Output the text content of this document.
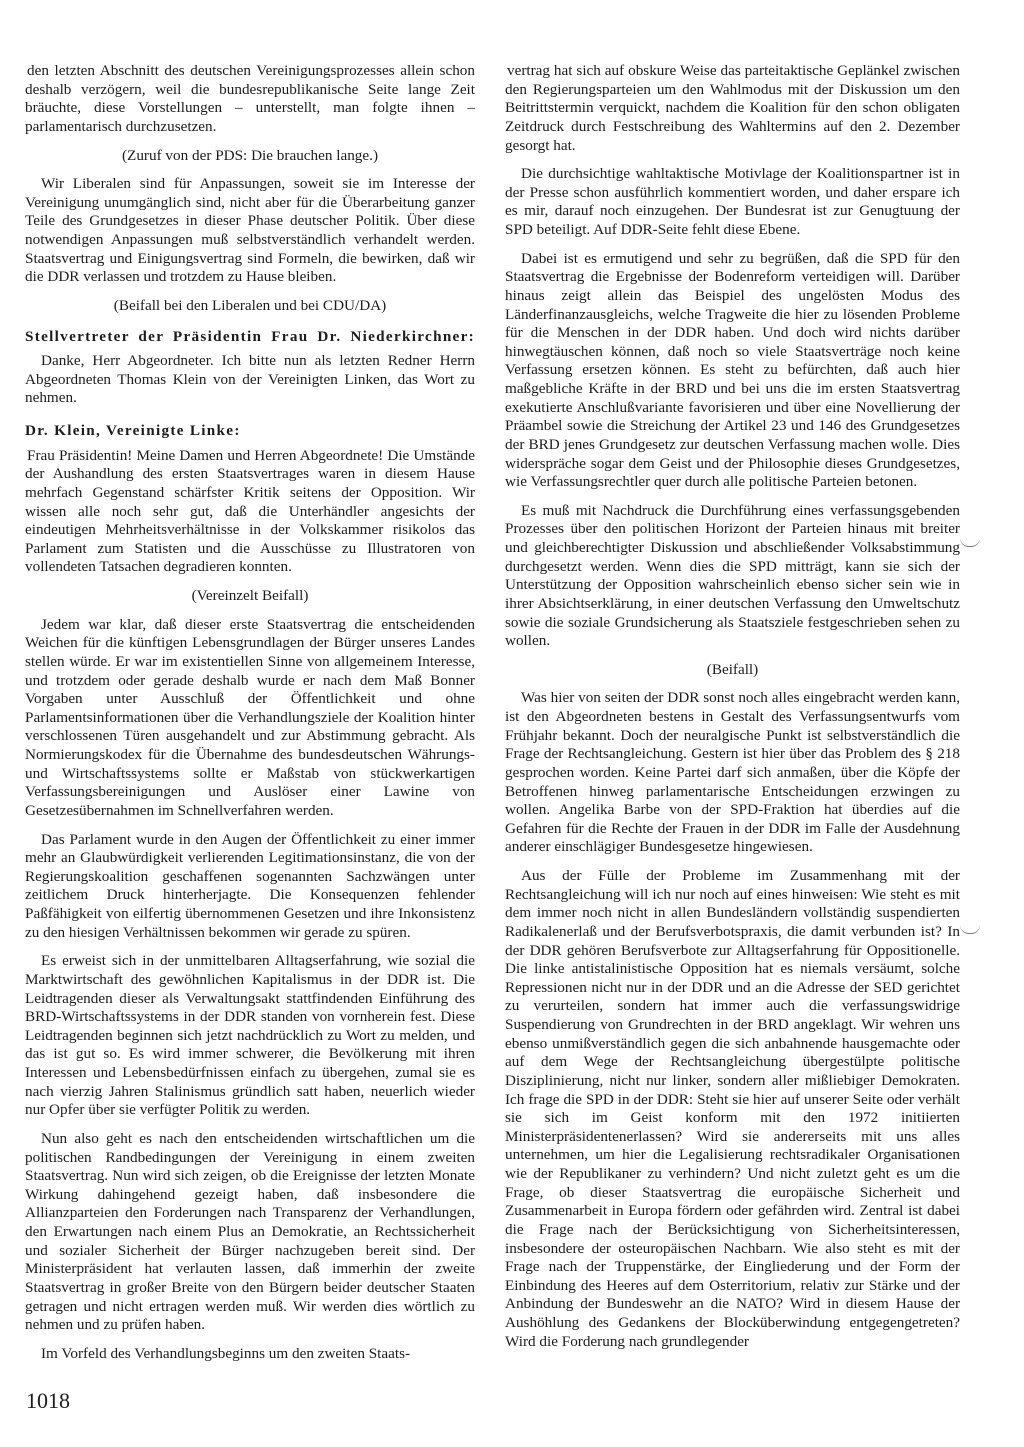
den letzten Abschnitt des deutschen Vereinigungsprozesses allein schon deshalb verzögern, weil die bundesrepublikanische Seite lange Zeit bräuchte, diese Vorstellungen – unterstellt, man folgte ihnen – parlamentarisch durchzusetzen.

(Zuruf von der PDS: Die brauchen lange.)

Wir Liberalen sind für Anpassungen, soweit sie im Interesse der Vereinigung unumgänglich sind, nicht aber für die Überarbeitung ganzer Teile des Grundgesetzes in dieser Phase deutscher Politik. Über diese notwendigen Anpassungen muß selbstverständlich verhandelt werden. Staatsvertrag und Einigungsvertrag sind Formeln, die bewirken, daß wir die DDR verlassen und trotzdem zu Hause bleiben.

(Beifall bei den Liberalen und bei CDU/DA)

Stellvertreter der Präsidentin Frau Dr. Niederkirchner:

Danke, Herr Abgeordneter. Ich bitte nun als letzten Redner Herrn Abgeordneten Thomas Klein von der Vereinigten Linken, das Wort zu nehmen.

Dr. Klein, Vereinigte Linke:

Frau Präsidentin! Meine Damen und Herren Abgeordnete! Die Umstände der Aushandlung des ersten Staatsvertrages waren in diesem Hause mehrfach Gegenstand schärfster Kritik seitens der Opposition. Wir wissen alle noch sehr gut, daß die Unterhändler angesichts der eindeutigen Mehrheitsverhältnisse in der Volkskammer risikolos das Parlament zum Statisten und die Ausschüsse zu Illustratoren von vollendeten Tatsachen degradieren konnten.

(Vereinzelt Beifall)

Jedem war klar, daß dieser erste Staatsvertrag die entscheidenden Weichen für die künftigen Lebensgrundlagen der Bürger unseres Landes stellen würde. Er war im existentiellen Sinne von allgemeinem Interesse, und trotzdem oder gerade deshalb wurde er nach dem Maß Bonner Vorgaben unter Ausschluß der Öffentlichkeit und ohne Parlamentsinformationen über die Verhandlungsziele der Koalition hinter verschlossenen Türen ausgehandelt und zur Abstimmung gebracht. Als Normierungskodex für die Übernahme des bundesdeutschen Währungs- und Wirtschaftssystems sollte er Maßstab von stückwerkartigen Verfassungsbereinigungen und Auslöser einer Lawine von Gesetzesübernahmen im Schnellverfahren werden.

Das Parlament wurde in den Augen der Öffentlichkeit zu einer immer mehr an Glaubwürdigkeit verlierenden Legitimationsinstanz, die von der Regierungskoalition geschaffenen sogenannten Sachzwängen unter zeitlichem Druck hinterherjagte. Die Konsequenzen fehlender Paßfähigkeit von eilfertig übernommenen Gesetzen und ihre Inkonsistenz zu den hiesigen Verhältnissen bekommen wir gerade zu spüren.

Es erweist sich in der unmittelbaren Alltagserfahrung, wie sozial die Marktwirtschaft des gewöhnlichen Kapitalismus in der DDR ist. Die Leidtragenden dieser als Verwaltungsakt stattfindenden Einführung des BRD-Wirtschaftssystems in der DDR standen von vornherein fest. Diese Leidtragenden beginnen sich jetzt nachdrücklich zu Wort zu melden, und das ist gut so. Es wird immer schwerer, die Bevölkerung mit ihren Interessen und Lebensbedürfnissen einfach zu übergehen, zumal sie es nach vierzig Jahren Stalinismus gründlich satt haben, neuerlich wieder nur Opfer über sie verfügter Politik zu werden.

Nun also geht es nach den entscheidenden wirtschaftlichen um die politischen Randbedingungen der Vereinigung in einem zweiten Staatsvertrag. Nun wird sich zeigen, ob die Ereignisse der letzten Monate Wirkung dahingehend gezeigt haben, daß insbesondere die Allianzparteien den Forderungen nach Transparenz der Verhandlungen, den Erwartungen nach einem Plus an Demokratie, an Rechtssicherheit und sozialer Sicherheit der Bürger nachzugeben bereit sind. Der Ministerpräsident hat verlauten lassen, daß immerhin der zweite Staatsvertrag in großer Breite von den Bürgern beider deutscher Staaten getragen und nicht ertragen werden muß. Wir werden dies wörtlich zu nehmen und zu prüfen haben.

Im Vorfeld des Verhandlungsbeginns um den zweiten Staats-

vertrag hat sich auf obskure Weise das parteitaktische Geplänkel zwischen den Regierungsparteien um den Wahlmodus mit der Diskussion um den Beitrittstermin verquickt, nachdem die Koalition für den schon obligaten Zeitdruck durch Festschreibung des Wahltermins auf den 2. Dezember gesorgt hat.

Die durchsichtige wahltaktische Motivlage der Koalitionspartner ist in der Presse schon ausführlich kommentiert worden, und daher erspare ich es mir, darauf noch einzugehen. Der Bundesrat ist zur Genugtuung der SPD beteiligt. Auf DDR-Seite fehlt diese Ebene.

Dabei ist es ermutigend und sehr zu begrüßen, daß die SPD für den Staatsvertrag die Ergebnisse der Bodenreform verteidigen will. Darüber hinaus zeigt allein das Beispiel des ungelösten Modus des Länderfinanzausgleichs, welche Tragweite die hier zu lösenden Probleme für die Menschen in der DDR haben. Und doch wird nichts darüber hinwegtäuschen können, daß noch so viele Staatsverträge noch keine Verfassung ersetzen können. Es steht zu befürchten, daß auch hier maßgebliche Kräfte in der BRD und bei uns die im ersten Staatsvertrag exekutierte Anschlußvariante favorisieren und über eine Novellierung der Präambel sowie die Streichung der Artikel 23 und 146 des Grundgesetzes der BRD jenes Grundgesetz zur deutschen Verfassung machen wolle. Dies widerspräche sogar dem Geist und der Philosophie dieses Grundgesetzes, wie Verfassungsrechtler quer durch alle politische Parteien betonen.

Es muß mit Nachdruck die Durchführung eines verfassungsgebenden Prozesses über den politischen Horizont der Parteien hinaus mit breiter und gleichberechtigter Diskussion und abschließender Volksabstimmung durchgesetzt werden. Wenn dies die SPD mitträgt, kann sie sich der Unterstützung der Opposition wahrscheinlich ebenso sicher sein wie in ihrer Absichtserklärung, in einer deutschen Verfassung den Umweltschutz sowie die soziale Grundsicherung als Staatsziele festgeschrieben sehen zu wollen.

(Beifall)

Was hier von seiten der DDR sonst noch alles eingebracht werden kann, ist den Abgeordneten bestens in Gestalt des Verfassungsentwurfs vom Frühjahr bekannt. Doch der neuralgische Punkt ist selbstverständlich die Frage der Rechtsangleichung. Gestern ist hier über das Problem des § 218 gesprochen worden. Keine Partei darf sich anmaßen, über die Köpfe der Betroffenen hinweg parlamentarische Entscheidungen erzwingen zu wollen. Angelika Barbe von der SPD-Fraktion hat überdies auf die Gefahren für die Rechte der Frauen in der DDR im Falle der Ausdehnung anderer einschlägiger Bundesgesetze hingewiesen.

Aus der Fülle der Probleme im Zusammenhang mit der Rechtsangleichung will ich nur noch auf eines hinweisen: Wie steht es mit dem immer noch nicht in allen Bundesländern vollständig suspendierten Radikalenerlaß und der Berufsverbotspraxis, die damit verbunden ist? In der DDR gehören Berufsverbote zur Alltagserfahrung für Oppositionelle. Die linke antistalinistische Opposition hat es niemals versäumt, solche Repressionen nicht nur in der DDR und an die Adresse der SED gerichtet zu verurteilen, sondern hat immer auch die verfassungswidrige Suspendierung von Grundrechten in der BRD angeklagt. Wir wehren uns ebenso unmißverständlich gegen die sich anbahnende hausgemachte oder auf dem Wege der Rechtsangleichung übergestülpte politische Disziplinierung, nicht nur linker, sondern aller mißliebiger Demokraten. Ich frage die SPD in der DDR: Steht sie hier auf unserer Seite oder verhält sie sich im Geist konform mit den 1972 initiierten Ministerpräsidentenerlassen? Wird sie andererseits mit uns alles unternehmen, um hier die Legalisierung rechtsradikaler Organisationen wie der Republikaner zu verhindern? Und nicht zuletzt geht es um die Frage, ob dieser Staatsvertrag die europäische Sicherheit und Zusammenarbeit in Europa fördern oder gefährden wird. Zentral ist dabei die Frage nach der Berücksichtigung von Sicherheitsinteressen, insbesondere der osteuropäischen Nachbarn. Wie also steht es mit der Frage nach der Truppenstärke, der Eingliederung und der Form der Einbindung des Heeres auf dem Osterritorium, relativ zur Stärke und der Anbindung der Bundeswehr an die NATO? Wird in diesem Hause der Aushöhlung des Gedankens der Blocküberwindung entgegengetreten? Wird die Forderung nach grundlegender

1018
